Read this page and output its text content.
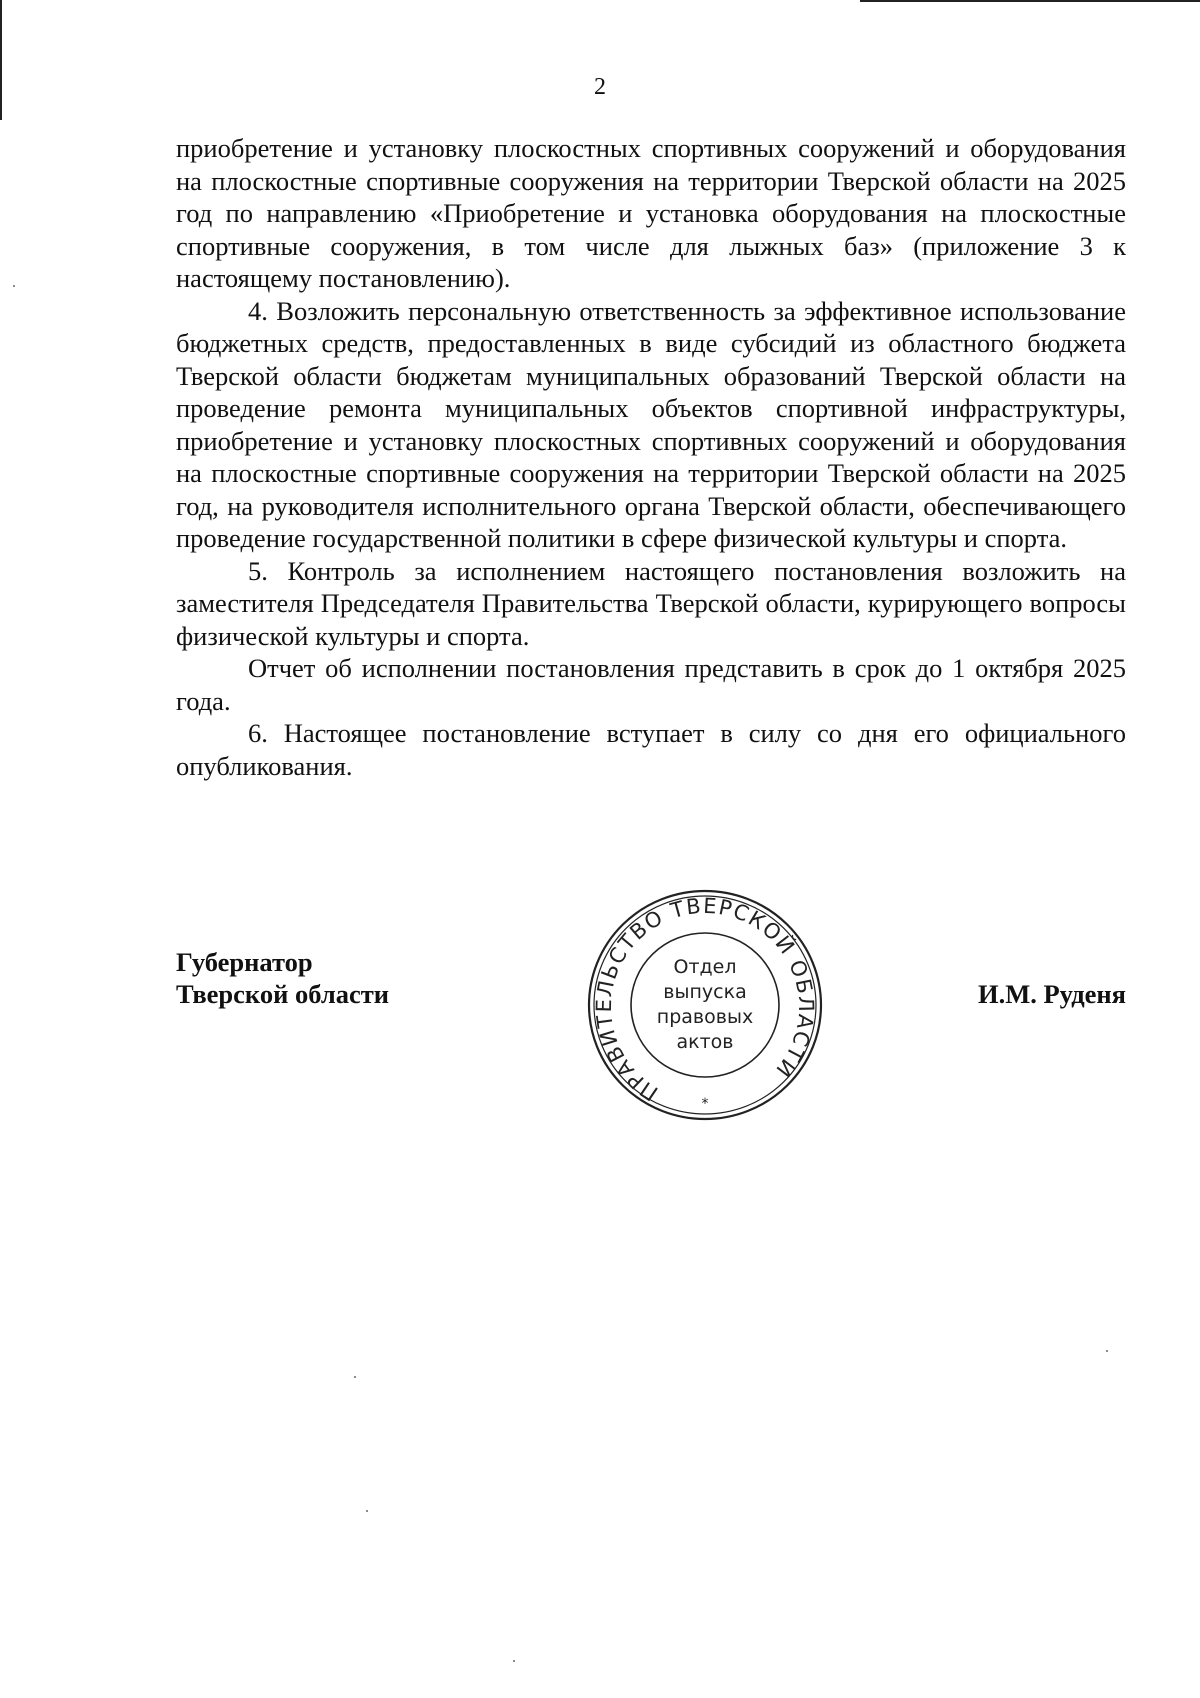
2

приобретение и установку плоскостных спортивных сооружений и оборудования на плоскостные спортивные сооружения на территории Тверской области на 2025 год по направлению «Приобретение и установка оборудования на плоскостные спортивные сооружения, в том числе для лыжных баз» (приложение 3 к настоящему постановлению).

4. Возложить персональную ответственность за эффективное использование бюджетных средств, предоставленных в виде субсидий из областного бюджета Тверской области бюджетам муниципальных образований Тверской области на проведение ремонта муниципальных объектов спортивной инфраструктуры, приобретение и установку плоскостных спортивных сооружений и оборудования на плоскостные спортивные сооружения на территории Тверской области на 2025 год, на руководителя исполнительного органа Тверской области, обеспечивающего проведение государственной политики в сфере физической культуры и спорта.

5. Контроль за исполнением настоящего постановления возложить на заместителя Председателя Правительства Тверской области, курирующего вопросы физической культуры и спорта.

Отчет об исполнении постановления представить в срок до 1 октября 2025 года.

6. Настоящее постановление вступает в силу со дня его официального опубликования.

Губернатор
Тверской области	И.М. Руденя
ПРАВИТЕЛЬСТВО ТВЕРСКОЙ ОБЛАСТИ
*
Отдел
выпуска
правовых
актов
